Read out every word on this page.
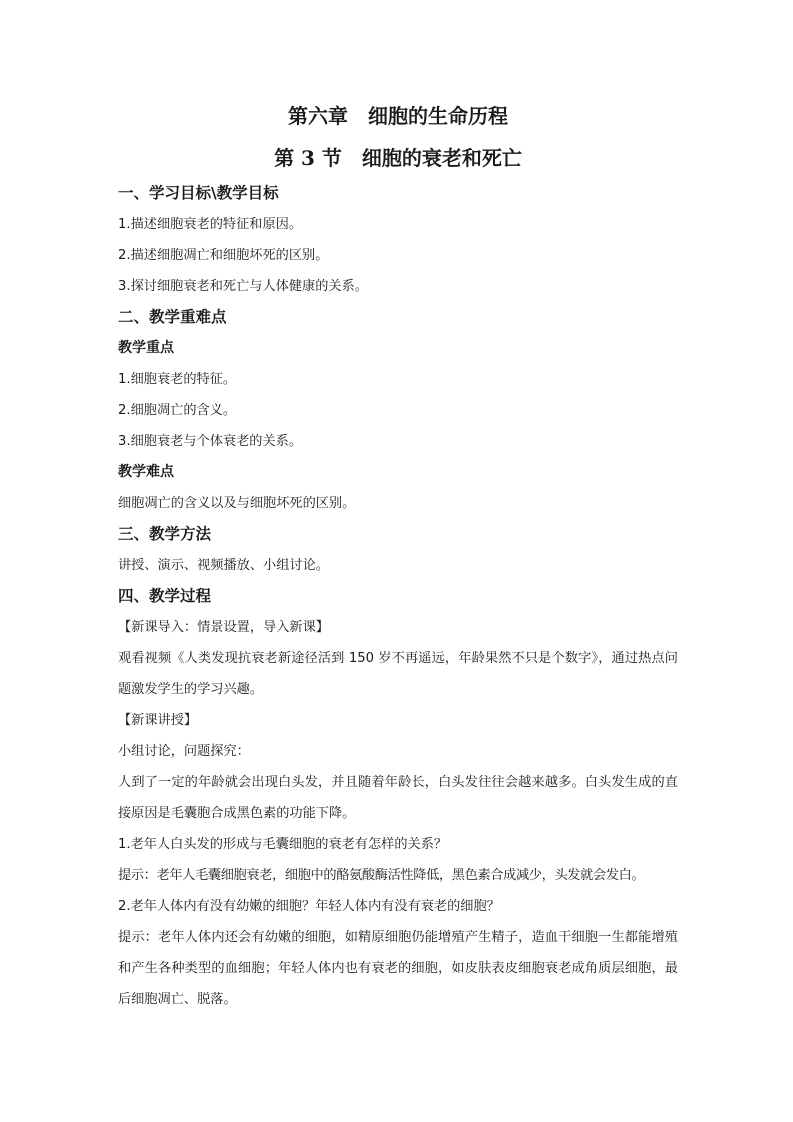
第六章　细胞的生命历程
第 3 节　细胞的衰老和死亡
一、学习目标\教学目标
1.描述细胞衰老的特征和原因。
2.描述细胞凋亡和细胞坏死的区别。
3.探讨细胞衰老和死亡与人体健康的关系。
二、教学重难点
教学重点
1.细胞衰老的特征。
2.细胞凋亡的含义。
3.细胞衰老与个体衰老的关系。
教学难点
细胞凋亡的含义以及与细胞坏死的区别。
三、教学方法
讲授、演示、视频播放、小组讨论。
四、教学过程
【新课导入：情景设置，导入新课】
观看视频《人类发现抗衰老新途径活到 150 岁不再遥远，年龄果然不只是个数字》，通过热点问题激发学生的学习兴趣。
【新课讲授】
小组讨论，问题探究：
人到了一定的年龄就会出现白头发，并且随着年龄长，白头发往往会越来越多。白头发生成的直接原因是毛囊胞合成黑色素的功能下降。
1.老年人白头发的形成与毛囊细胞的衰老有怎样的关系？
提示：老年人毛囊细胞衰老，细胞中的酪氨酸酶活性降低，黑色素合成减少，头发就会发白。
2.老年人体内有没有幼嫩的细胞？年轻人体内有没有衰老的细胞？
提示：老年人体内还会有幼嫩的细胞，如精原细胞仍能增殖产生精子，造血干细胞一生都能增殖和产生各种类型的血细胞；年轻人体内也有衰老的细胞，如皮肤表皮细胞衰老成角质层细胞，最后细胞凋亡、脱落。
